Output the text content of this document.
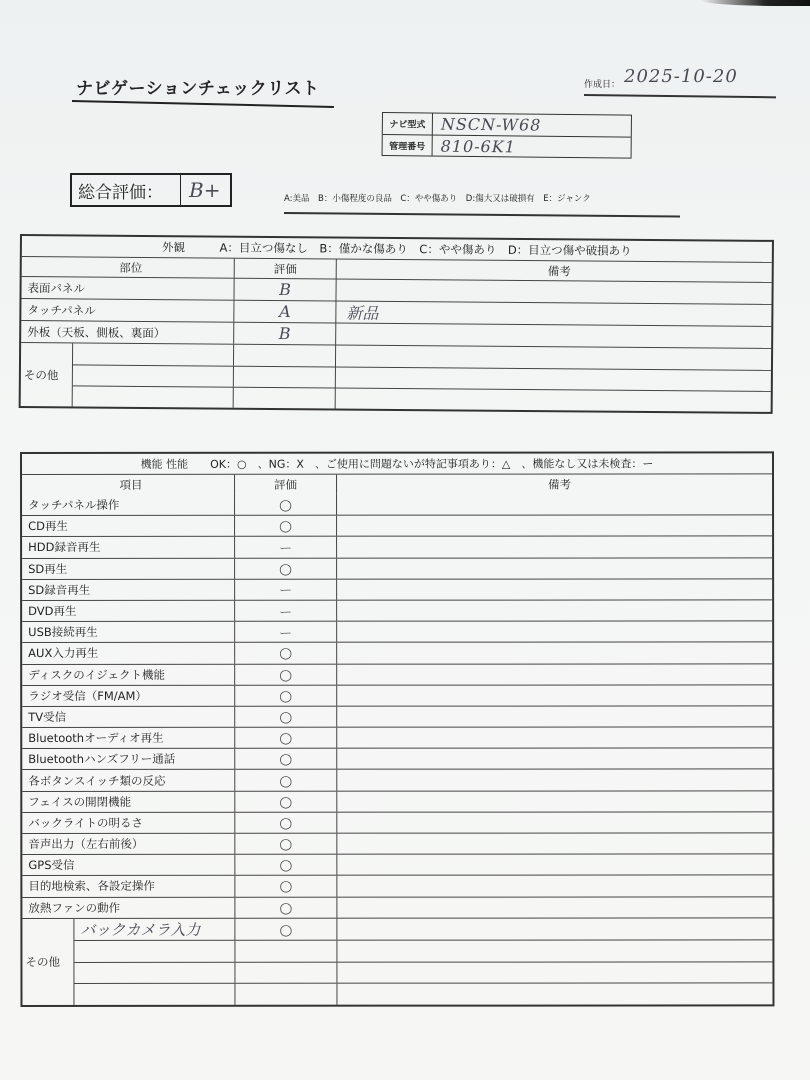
ナビゲーションチェックリスト	作成日： 2025-10-20
ナビ型式 NSCN-W68
管理番号 810-6K1
総合評価：	B+	A:美品　B：小傷程度の良品　C：やや傷あり　D:傷大又は破損有　E：ジャンク
外観　　　A：目立つ傷なし　B：僅かな傷あり　C：やや傷あり　D：目立つ傷や破損あり
部位	評価	備考
表面パネル	B
タッチパネル	A	新品
外板（天板、側板、裏面）	B
その他
機能 性能　　OK：○　、NG：X　、ご使用に問題ないが特記事項あり：△　、機能なし又は未検査：ー
項目	評価	備考
タッチパネル操作	○
CD再生	○
HDD録音再生	ー
SD再生	○
SD録音再生	ー
DVD再生	ー
USB接続再生	ー
AUX入力再生	○
ディスクのイジェクト機能	○
ラジオ受信（FM/AM）	○
TV受信	○
Bluetoothオーディオ再生	○
Bluetoothハンズフリー通話	○
各ボタンスイッチ類の反応	○
フェイスの開閉機能	○
バックライトの明るさ	○
音声出力（左右前後）	○
GPS受信	○
目的地検索、各設定操作	○
放熱ファンの動作	○
その他
バックカメラ入力	○
